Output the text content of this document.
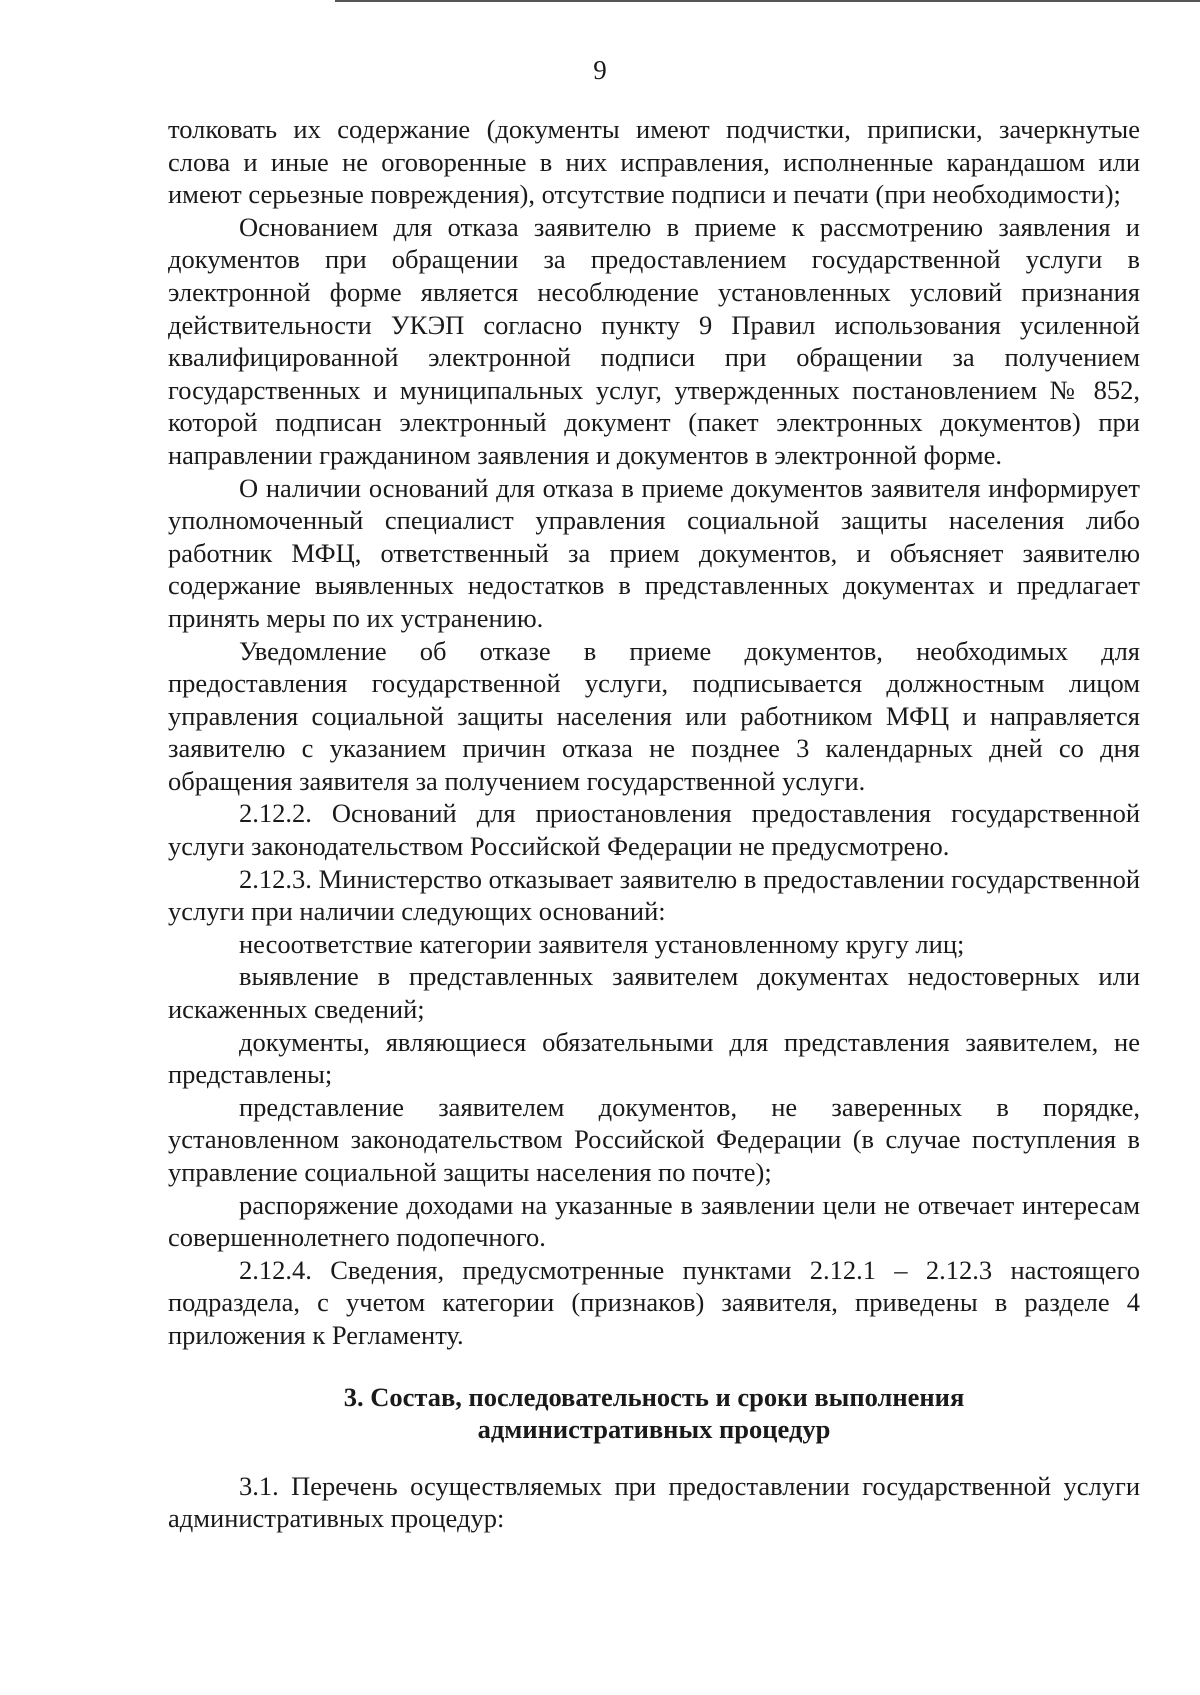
9

толковать их содержание (документы имеют подчистки, приписки, зачеркнутые слова и иные не оговоренные в них исправления, исполненные карандашом или имеют серьезные повреждения), отсутствие подписи и печати (при необходимости);

Основанием для отказа заявителю в приеме к рассмотрению заявления и документов при обращении за предоставлением государственной услуги в электронной форме является несоблюдение установленных условий признания действительности УКЭП согласно пункту 9 Правил использования усиленной квалифицированной электронной подписи при обращении за получением государственных и муниципальных услуг, утвержденных постановлением № 852, которой подписан электронный документ (пакет электронных документов) при направлении гражданином заявления и документов в электронной форме.

О наличии оснований для отказа в приеме документов заявителя информирует уполномоченный специалист управления социальной защиты населения либо работник МФЦ, ответственный за прием документов, и объясняет заявителю содержание выявленных недостатков в представленных документах и предлагает принять меры по их устранению.

Уведомление об отказе в приеме документов, необходимых для предоставления государственной услуги, подписывается должностным лицом управления социальной защиты населения или работником МФЦ и направляется заявителю с указанием причин отказа не позднее 3 календарных дней со дня обращения заявителя за получением государственной услуги.

2.12.2. Оснований для приостановления предоставления государственной услуги законодательством Российской Федерации не предусмотрено.

2.12.3. Министерство отказывает заявителю в предоставлении государственной услуги при наличии следующих оснований:

несоответствие категории заявителя установленному кругу лиц;

выявление в представленных заявителем документах недостоверных или искаженных сведений;

документы, являющиеся обязательными для представления заявителем, не представлены;

представление заявителем документов, не заверенных в порядке, установленном законодательством Российской Федерации (в случае поступления в управление социальной защиты населения по почте);

распоряжение доходами на указанные в заявлении цели не отвечает интересам совершеннолетнего подопечного.

2.12.4. Сведения, предусмотренные пунктами 2.12.1 – 2.12.3 настоящего подраздела, с учетом категории (признаков) заявителя, приведены в разделе 4 приложения к Регламенту.

3. Состав, последовательность и сроки выполнения
административных процедур

3.1. Перечень осуществляемых при предоставлении государственной услуги административных процедур:
